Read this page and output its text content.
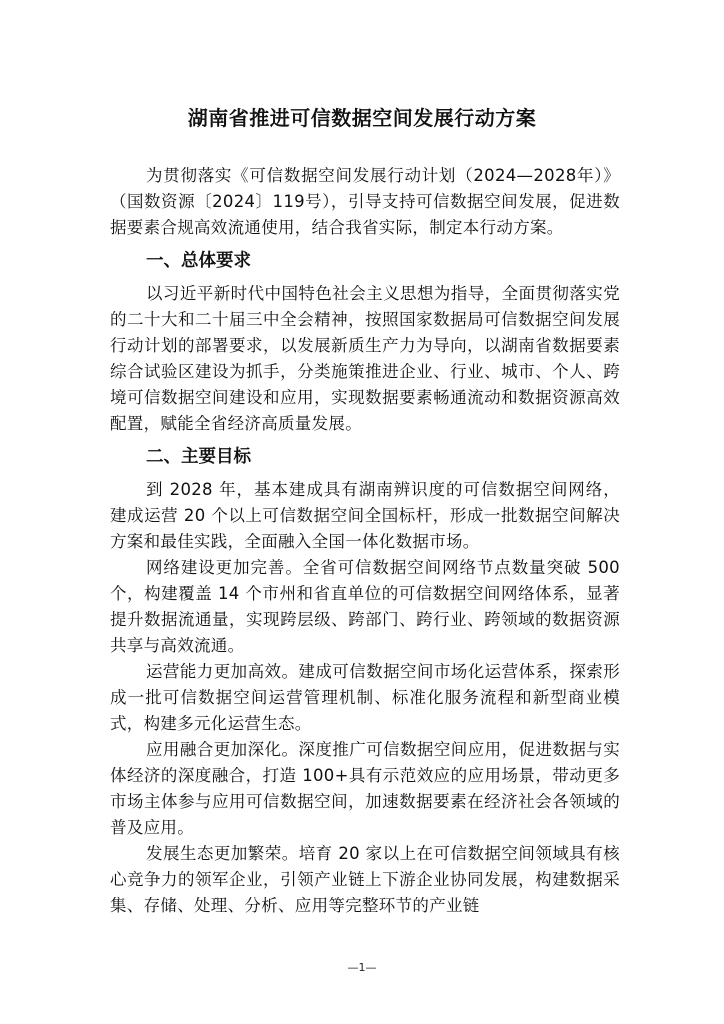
湖南省推进可信数据空间发展行动方案

为贯彻落实《可信数据空间发展行动计划（2024—2028年）》（国数资源〔2024〕119号），引导支持可信数据空间发展，促进数据要素合规高效流通使用，结合我省实际，制定本行动方案。

一、总体要求

以习近平新时代中国特色社会主义思想为指导，全面贯彻落实党的二十大和二十届三中全会精神，按照国家数据局可信数据空间发展行动计划的部署要求，以发展新质生产力为导向，以湖南省数据要素综合试验区建设为抓手，分类施策推进企业、行业、城市、个人、跨境可信数据空间建设和应用，实现数据要素畅通流动和数据资源高效配置，赋能全省经济高质量发展。

二、主要目标

到 2028 年，基本建成具有湖南辨识度的可信数据空间网络，建成运营 20 个以上可信数据空间全国标杆，形成一批数据空间解决方案和最佳实践，全面融入全国一体化数据市场。

网络建设更加完善。全省可信数据空间网络节点数量突破 500 个，构建覆盖 14 个市州和省直单位的可信数据空间网络体系，显著提升数据流通量，实现跨层级、跨部门、跨行业、跨领域的数据资源共享与高效流通。

运营能力更加高效。建成可信数据空间市场化运营体系，探索形成一批可信数据空间运营管理机制、标准化服务流程和新型商业模式，构建多元化运营生态。

应用融合更加深化。深度推广可信数据空间应用，促进数据与实体经济的深度融合，打造 100+具有示范效应的应用场景，带动更多市场主体参与应用可信数据空间，加速数据要素在经济社会各领域的普及应用。

发展生态更加繁荣。培育 20 家以上在可信数据空间领域具有核心竞争力的领军企业，引领产业链上下游企业协同发展，构建数据采集、存储、处理、分析、应用等完整环节的产业链

—1—
